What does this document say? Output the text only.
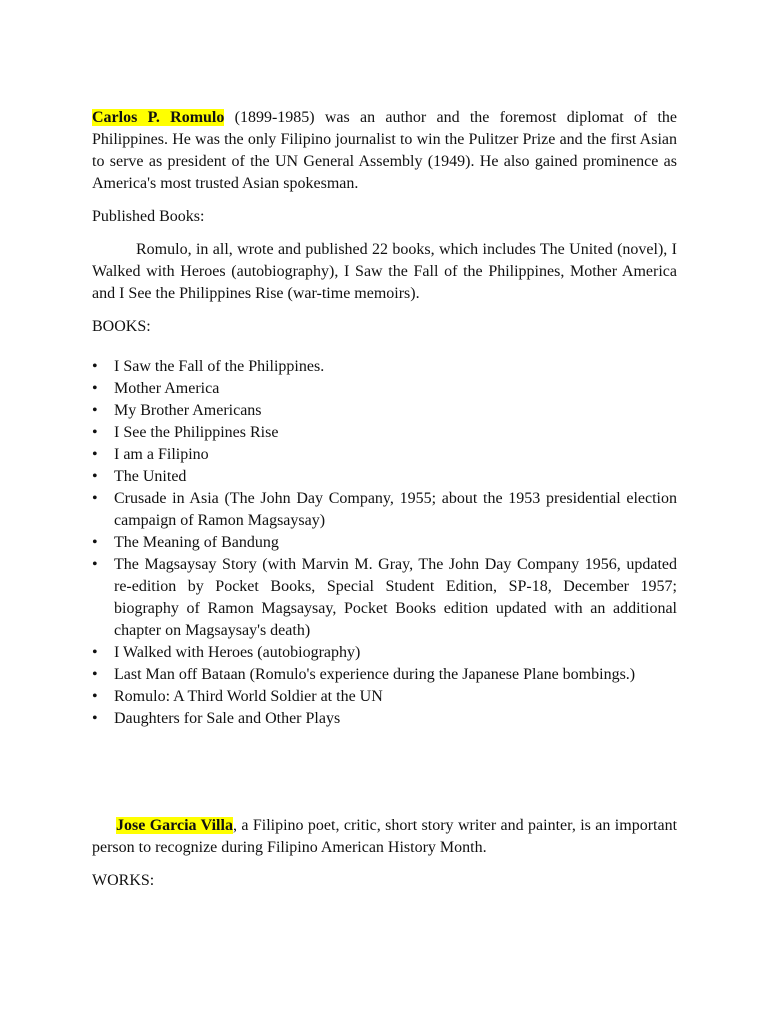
Carlos P. Romulo (1899-1985) was an author and the foremost diplomat of the Philippines. He was the only Filipino journalist to win the Pulitzer Prize and the first Asian to serve as president of the UN General Assembly (1949). He also gained prominence as America's most trusted Asian spokesman.

Published Books:

Romulo, in all, wrote and published 22 books, which includes The United (novel), I Walked with Heroes (autobiography), I Saw the Fall of the Philippines, Mother America and I See the Philippines Rise (war-time memoirs).

BOOKS:

•	I Saw the Fall of the Philippines.
•	Mother America
•	My Brother Americans
•	I See the Philippines Rise
•	I am a Filipino
•	The United
•	Crusade in Asia (The John Day Company, 1955; about the 1953 presidential election campaign of Ramon Magsaysay)
•	The Meaning of Bandung
•	The Magsaysay Story (with Marvin M. Gray, The John Day Company 1956, updated re-edition by Pocket Books, Special Student Edition, SP-18, December 1957; biography of Ramon Magsaysay, Pocket Books edition updated with an additional chapter on Magsaysay's death)
•	I Walked with Heroes (autobiography)
•	Last Man off Bataan (Romulo's experience during the Japanese Plane bombings.)
•	Romulo: A Third World Soldier at the UN
•	Daughters for Sale and Other Plays

Jose Garcia Villa, a Filipino poet, critic, short story writer and painter, is an important person to recognize during Filipino American History Month.

WORKS:
